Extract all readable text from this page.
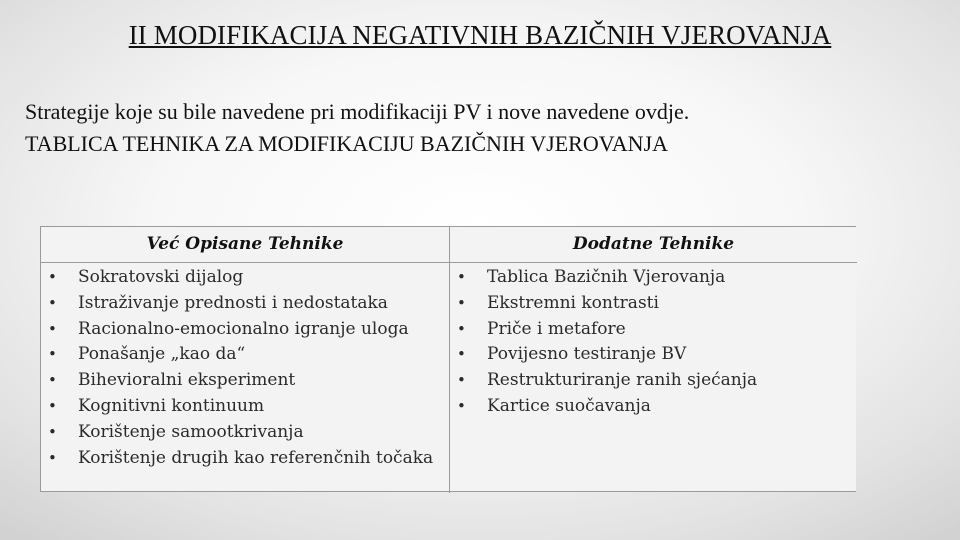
II MODIFIKACIJA NEGATIVNIH BAZIČNIH VJEROVANJA
Strategije koje su bile navedene pri modifikaciji PV i nove navedene ovdje.
TABLICA TEHNIKA ZA MODIFIKACIJU BAZIČNIH VJEROVANJA
Već Opisane Tehnike	Dodatne Tehnike
• Sokratovski dijalog
• Istraživanje prednosti i nedostataka
• Racionalno-emocionalno igranje uloga
• Ponašanje „kao da“
• Bihevioralni eksperiment
• Kognitivni kontinuum
• Korištenje samootkrivanja
• Korištenje drugih kao referenčnih točaka
• Tablica Bazičnih Vjerovanja
• Ekstremni kontrasti
• Priče i metafore
• Povijesno testiranje BV
• Restrukturiranje ranih sjećanja
• Kartice suočavanja
